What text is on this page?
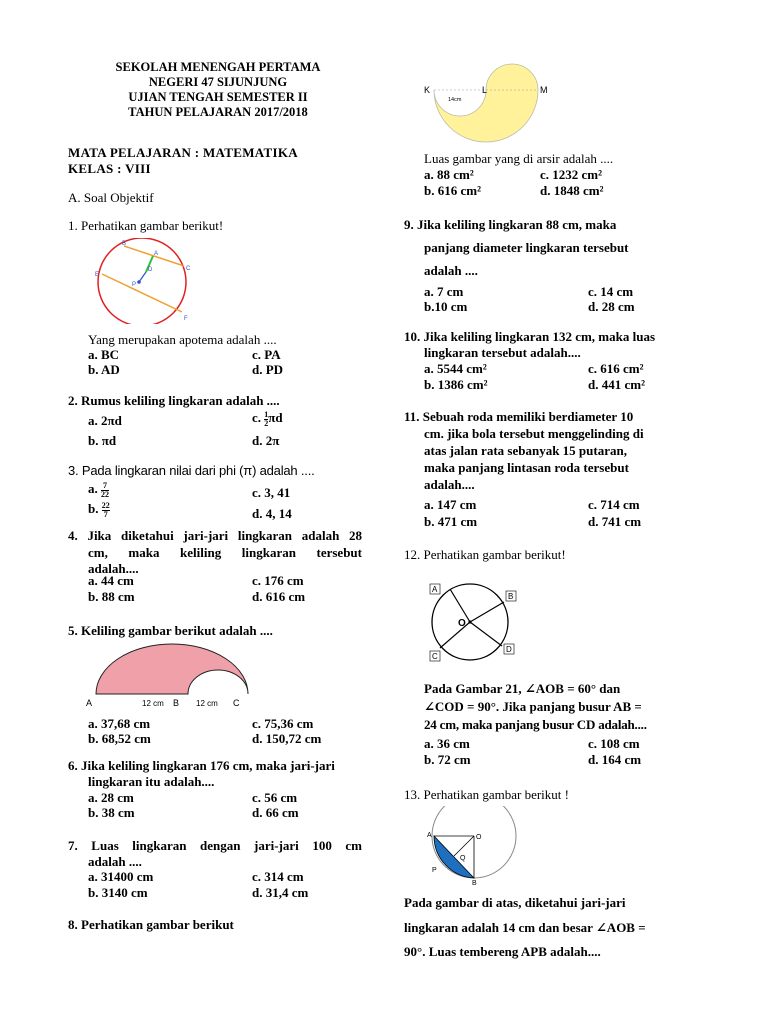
SEKOLAH MENENGAH PERTAMA
NEGERI 47 SIJUNJUNG
UJIAN TENGAH SEMESTER II
TAHUN PELAJARAN 2017/2018
MATA PELAJARAN : MATEMATIKA
KELAS : VIII
A. Soal Objektif
1. Perhatikan gambar berikut!
B
C
A
D
E
P
F
Yang merupakan apotema adalah ....
a. BC	c. PA
b. AD	d. PD
2. Rumus keliling lingkaran adalah ....
a. 2πd	c. $\frac{1}{2}$ πd
b. πd	d. 2π
3. Pada lingkaran nilai dari phi (π) adalah ....
a. $\frac{7}{22}$	c. 3, 41
b. $\frac{22}{7}$	d. 4, 14
4. Jika diketahui jari-jari lingkaran adalah 28
cm, maka keliling lingkaran tersebut
adalah....
a. 44 cm	c. 176 cm
b. 88 cm	d. 616 cm
5. Keliling gambar berikut adalah ....
A	12 cm B 12 cm C
a. 37,68 cm	c. 75,36 cm
b. 68,52 cm	d. 150,72 cm
6. Jika keliling lingkaran 176 cm, maka jari-jari
lingkaran itu adalah....
a. 28 cm	c. 56 cm
b. 38 cm	d. 66 cm
7. Luas lingkaran dengan jari-jari 100 cm
adalah ....
a. 31400 cm	c. 314 cm
b. 3140 cm	d. 31,4 cm
8. Perhatikan gambar berikut
K	L	M
14cm
Luas gambar yang di arsir adalah ....
a. 88 cm²	c. 1232 cm²
b. 616 cm²	d. 1848 cm²
9. Jika keliling lingkaran 88 cm, maka
panjang diameter lingkaran tersebut
adalah ....
a. 7 cm	c. 14 cm
b.10 cm	d. 28 cm
10. Jika keliling lingkaran 132 cm, maka luas
lingkaran tersebut adalah....
a. 5544 cm²	c. 616 cm²
b. 1386 cm²	d. 441 cm²
11. Sebuah roda memiliki berdiameter 10
cm. jika bola tersebut menggelinding di
atas jalan rata sebanyak 15 putaran,
maka panjang lintasan roda tersebut
adalah....
a. 147 cm	c. 714 cm
b. 471 cm	d. 741 cm
12. Perhatikan gambar berikut!
A
B
O
C
D
Pada Gambar 21, ∠AOB = 60° dan
∠COD = 90°. Jika panjang busur AB =
24 cm, maka panjang busur CD adalah....
a. 36 cm	c. 108 cm
b. 72 cm	d. 164 cm
13. Perhatikan gambar berikut !
A	O
Q
P
B
Pada gambar di atas, diketahui jari-jari
lingkaran adalah 14 cm dan besar ∠AOB =
90°. Luas tembereng APB adalah....
